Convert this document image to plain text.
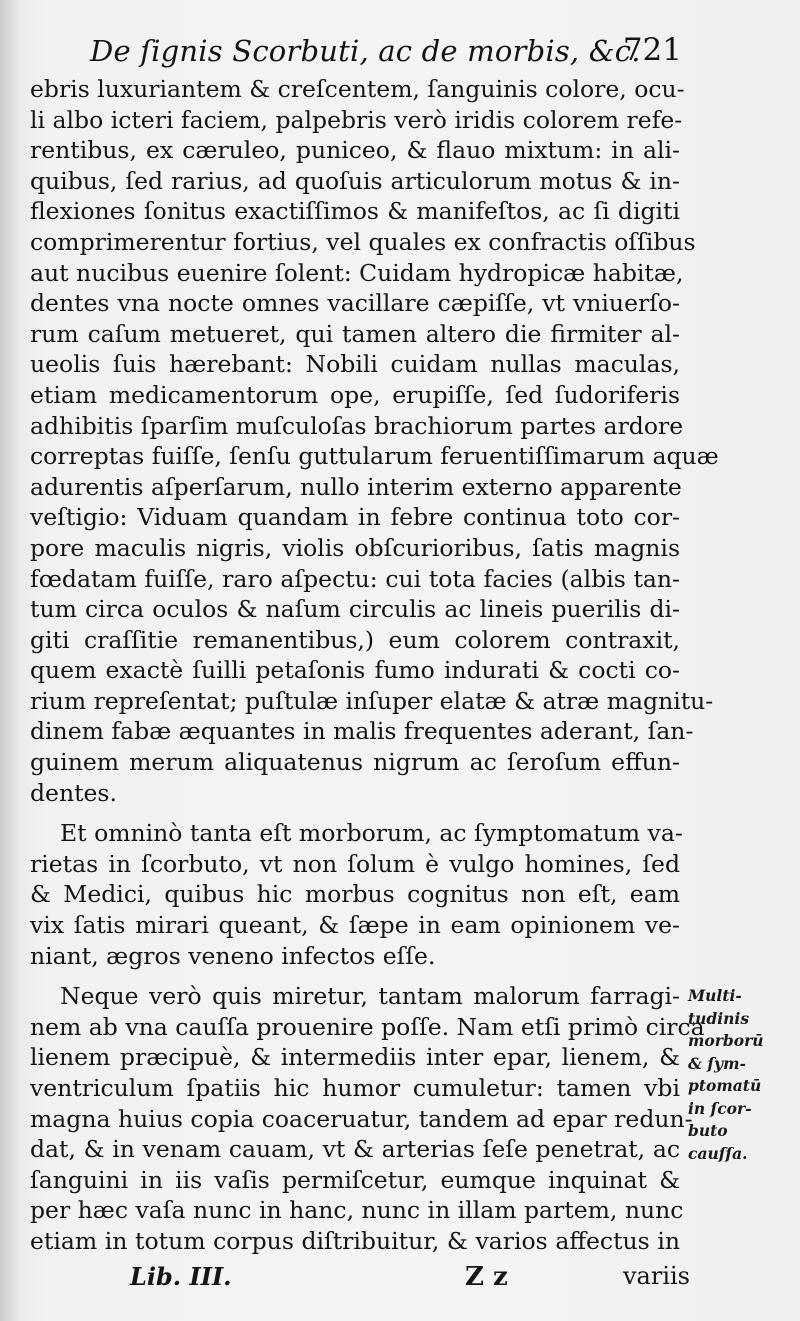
De ſignis Scorbuti, ac de morbis, &c.
721
ebris luxuriantem & creſcentem, ſanguinis colore, ocu-
li albo icteri faciem, palpebris verò iridis colorem refe-
rentibus, ex cæruleo, puniceo, & flauo mixtum: in ali-
quibus, ſed rarius, ad quoſuis articulorum motus & in-
flexiones ſonitus exactiſſimos & manifeſtos, ac ſi digiti
comprimerentur fortius, vel quales ex confractis oſſibus
aut nucibus euenire ſolent: Cuidam hydropicæ habitæ,
dentes vna nocte omnes vacillare cæpiſſe, vt vniuerſo-
rum caſum metueret, qui tamen altero die firmiter al-
ueolis ſuis hærebant: Nobili cuidam nullas maculas,
etiam medicamentorum ope, erupiſſe, ſed ſudoriferis
adhibitis ſparſim muſculoſas brachiorum partes ardore
correptas fuiſſe, ſenſu guttularum feruentiſſimarum aquæ
adurentis aſperſarum, nullo interim externo apparente
veſtigio: Viduam quandam in febre continua toto cor-
pore maculis nigris, violis obſcurioribus, ſatis magnis
fœdatam fuiſſe, raro aſpectu: cui tota facies (albis tan-
tum circa oculos & naſum circulis ac lineis puerilis di-
giti craſſitie remanentibus,) eum colorem contraxit,
quem exactè ſuilli petaſonis fumo indurati & cocti co-
rium repreſentat; puſtulæ inſuper elatæ & atræ magnitu-
dinem fabæ æquantes in malis frequentes aderant, ſan-
guinem merum aliquatenus nigrum ac ſeroſum effun-
dentes.
Et omninò tanta eſt morborum, ac ſymptomatum va-
rietas in ſcorbuto, vt non ſolum è vulgo homines, ſed
& Medici, quibus hic morbus cognitus non eſt, eam
vix ſatis mirari queant, & ſæpe in eam opinionem ve-
niant, ægros veneno infectos eſſe.
Neque verò quis miretur, tantam malorum farragi-
nem ab vna cauſſa prouenire poſſe. Nam etſi primò circa
lienem præcipuè, & intermediis inter epar, lienem, &
ventriculum ſpatiis hic humor cumuletur: tamen vbi
magna huius copia coaceruatur, tandem ad epar redun-
dat, & in venam cauam, vt & arterias ſeſe penetrat, ac
ſanguini in iis vaſis permiſcetur, eumque inquinat &
per hæc vaſa nunc in hanc, nunc in illam partem, nunc
etiam in totum corpus diſtribuitur, & varios affectus in
Multi-
tudinis
morborū
& ſym-
ptomatū
in ſcor-
buto
cauſſa.
Lib. III.	Z z	variis
